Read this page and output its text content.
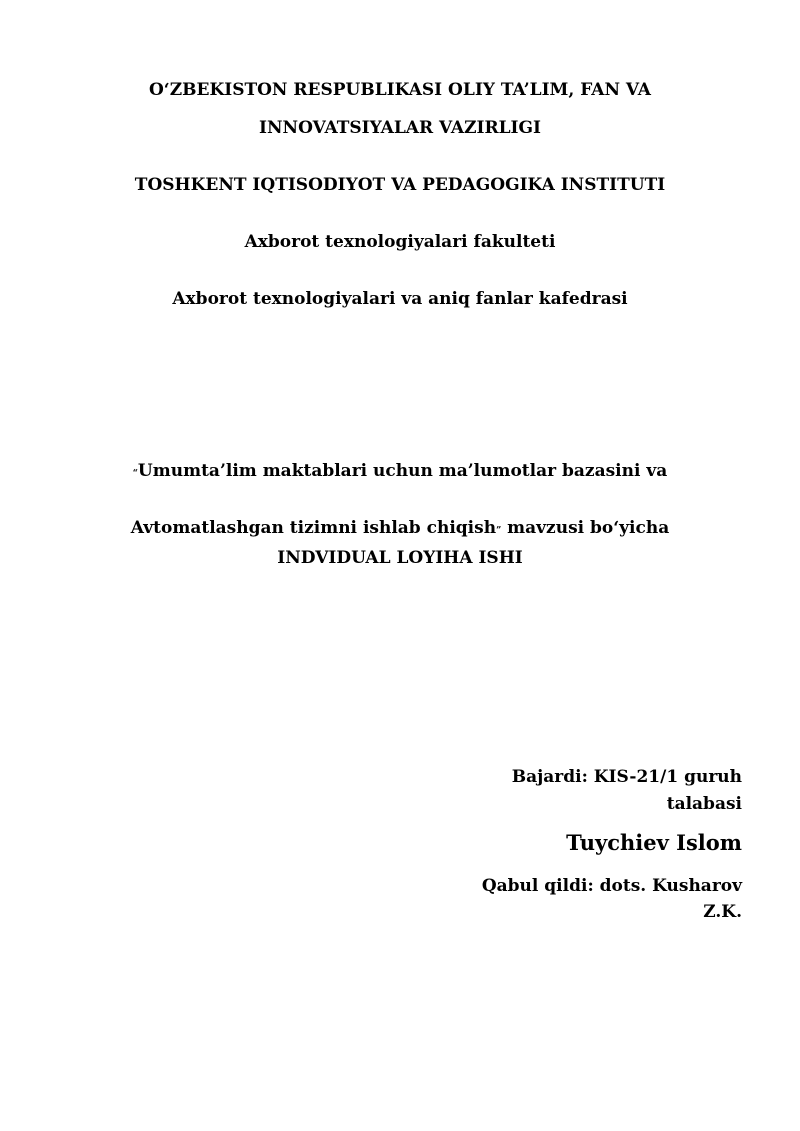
O‘ZBEKISTON RESPUBLIKASI OLIY TA’LIM, FAN VA
INNOVATSIYALAR VAZIRLIGI
TOSHKENT IQTISODIYOT VA PEDAGOGIKA INSTITUTI
Axborot texnologiyalari fakulteti
Axborot texnologiyalari va aniq fanlar kafedrasi
“Umumta’lim maktablari uchun ma’lumotlar bazasini va
Avtomatlashgan tizimni ishlab chiqish” mavzusi bo‘yicha
INDVIDUAL LOYIHA ISHI
Bajardi: KIS-21/1 guruh
talabasi
Tuychiev Islom
Qabul qildi: dots. Kusharov
Z.K.
